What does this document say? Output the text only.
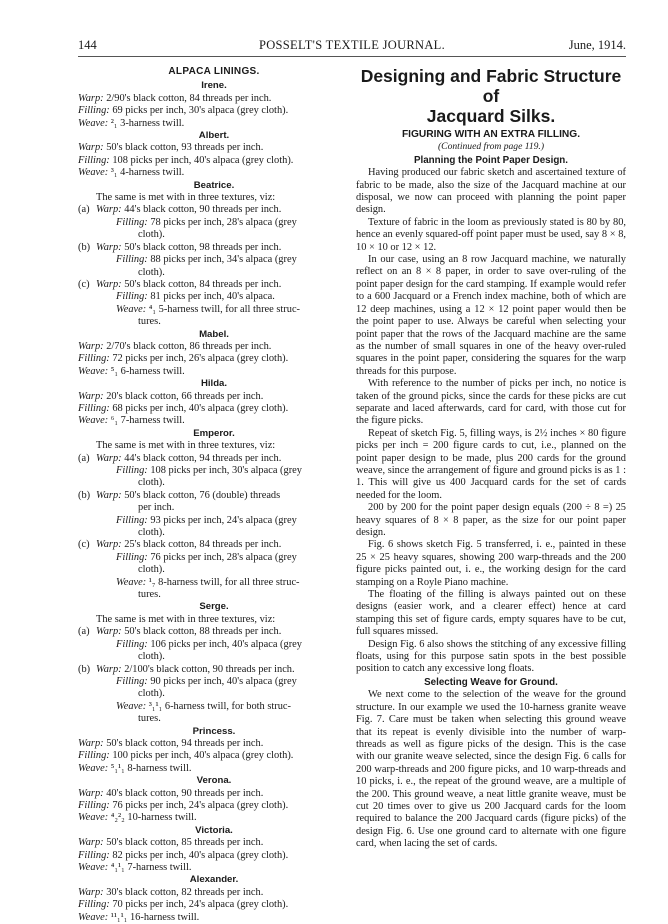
144	POSSELT'S TEXTILE JOURNAL.	June, 1914.
ALPACA LININGS.
Irene.
Warp: 2/90's black cotton, 84 threads per inch.
Filling: 69 picks per inch, 30's alpaca (grey cloth).
Weave: ²₁ 3-harness twill.
Albert.
Warp: 50's black cotton, 93 threads per inch.
Filling: 108 picks per inch, 40's alpaca (grey cloth).
Weave: ³₁ 4-harness twill.
Beatrice.
The same is met with in three textures, viz:
(a)Warp: 44's black cotton, 90 threads per inch.
Filling: 78 picks per inch, 28's alpaca (grey
cloth).
(b)Warp: 50's black cotton, 98 threads per inch.
Filling: 88 picks per inch, 34's alpaca (grey
cloth).
(c)Warp: 50's black cotton, 84 threads per inch.
Filling: 81 picks per inch, 40's alpaca.
Weave: ⁴₁ 5-harness twill, for all three struc-
tures.
Mabel.
Warp: 2/70's black cotton, 86 threads per inch.
Filling: 72 picks per inch, 26's alpaca (grey cloth).
Weave: ⁵₁ 6-harness twill.
Hilda.
Warp: 20's black cotton, 66 threads per inch.
Filling: 68 picks per inch, 40's alpaca (grey cloth).
Weave: ⁶₁ 7-harness twill.
Emperor.
The same is met with in three textures, viz:
(a)Warp: 44's black cotton, 94 threads per inch.
Filling: 108 picks per inch, 30's alpaca (grey
cloth).
(b)Warp: 50's black cotton, 76 (double) threads
per inch.
Filling: 93 picks per inch, 24's alpaca (grey
cloth).
(c)Warp: 25's black cotton, 84 threads per inch.
Filling: 76 picks per inch, 28's alpaca (grey
cloth).
Weave: ¹₇ 8-harness twill, for all three struc-
tures.
Serge.
The same is met with in three textures, viz:
(a)Warp: 50's black cotton, 88 threads per inch.
Filling: 106 picks per inch, 40's alpaca (grey
cloth).
(b)Warp: 2/100's black cotton, 90 threads per inch.
Filling: 90 picks per inch, 40's alpaca (grey
cloth).
Weave: ³₁¹₁ 6-harness twill, for both struc-
tures.
Princess.
Warp: 50's black cotton, 94 threads per inch.
Filling: 100 picks per inch, 40's alpaca (grey cloth).
Weave: ⁵₁¹₁ 8-harness twill.
Verona.
Warp: 40's black cotton, 90 threads per inch.
Filling: 76 picks per inch, 24's alpaca (grey cloth).
Weave: ⁴₂²₂ 10-harness twill.
Victoria.
Warp: 50's black cotton, 85 threads per inch.
Filling: 82 picks per inch, 40's alpaca (grey cloth).
Weave: ⁴₁¹₁ 7-harness twill.
Alexander.
Warp: 30's black cotton, 82 threads per inch.
Filling: 70 picks per inch, 24's alpaca (grey cloth).
Weave: ¹¹₁¹₁ 16-harness twill.
Designing and Fabric Structure of
Jacquard Silks.
FIGURING WITH AN EXTRA FILLING.
(Continued from page 119.)
Planning the Point Paper Design.

Having produced our fabric sketch and ascertained texture of fabric to be made, also the size of the Jacquard machine at our disposal, we now can proceed with planning the point paper design.

Texture of fabric in the loom as previously stated is 80 by 80, hence an evenly squared-off point paper must be used, say 8 × 8, 10 × 10 or 12 × 12.

In our case, using an 8 row Jacquard machine, we naturally reflect on an 8 × 8 paper, in order to save over-ruling of the point paper design for the card stamping. If example would refer to a 600 Jacquard or a French index machine, both of which are 12 deep machines, using a 12 × 12 point paper would then be the point paper to use. Always be careful when selecting your point paper that the rows of the Jacquard machine are the same as the number of small squares in one of the heavy over-ruled squares in the point paper, considering the squares for the warp threads for this purpose.

With reference to the number of picks per inch, no notice is taken of the ground picks, since the cards for these picks are cut separate and laced afterwards, card for card, with those cut for the figure picks.

Repeat of sketch Fig. 5, filling ways, is 2½ inches × 80 figure picks per inch = 200 figure cards to cut, i.e., planned on the point paper design to be made, plus 200 cards for the ground weave, since the arrangement of figure and ground picks is as 1 : 1. This will give us 400 Jacquard cards for the set of cards needed for the loom.

200 by 200 for the point paper design equals (200 ÷ 8 =) 25 heavy squares of 8 × 8 paper, as the size for our point paper design.

Fig. 6 shows sketch Fig. 5 transferred, i. e., painted in these 25 × 25 heavy squares, showing 200 warp-threads and the 200 figure picks painted out, i. e., the working design for the card stamping on a Royle Piano machine.

The floating of the filling is always painted out on these designs (easier work, and a clearer effect) hence at card stamping this set of figure cards, empty squares have to be cut, full squares missed.

Design Fig. 6 also shows the stitching of any excessive filling floats, using for this purpose satin spots in the best possible position to catch any excessive long floats.

Selecting Weave for Ground.

We next come to the selection of the weave for the ground structure. In our example we used the 10-harness granite weave Fig. 7. Care must be taken when selecting this ground weave that its repeat is evenly divisible into the number of warp-threads as well as figure picks of the design. This is the case with our granite weave selected, since the design Fig. 6 calls for 200 warp-threads and 200 figure picks, and 10 warp-threads and 10 picks, i. e., the repeat of the ground weave, are a multiple of the 200. This ground weave, a neat little granite weave, must be cut 20 times over to give us 200 Jacquard cards for the loom required to balance the 200 Jacquard cards (figure picks) of the design Fig. 6. Use one ground card to alternate with one figure card, when lacing the set of cards.
